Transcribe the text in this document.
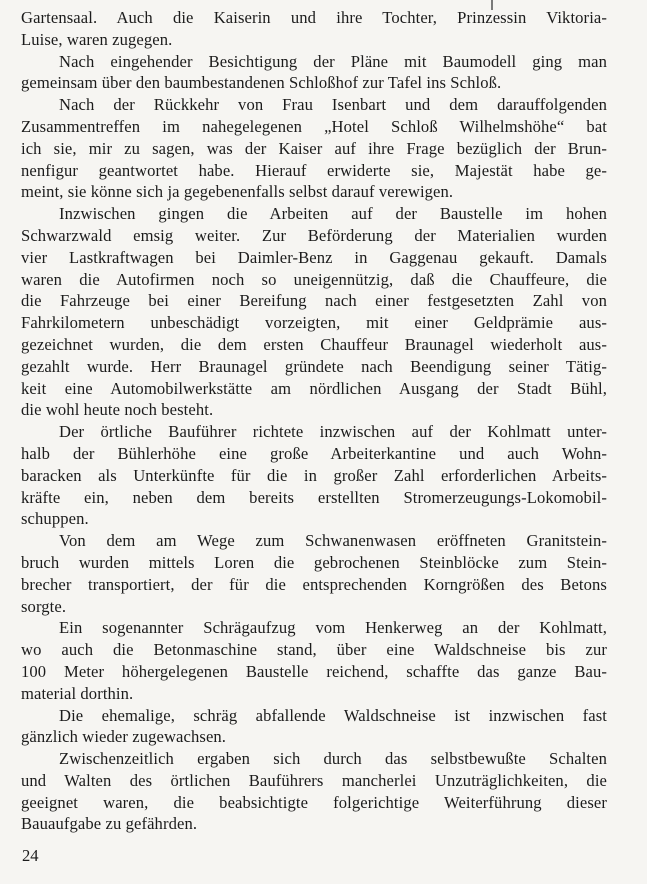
Gartensaal. Auch die Kaiserin und ihre Tochter, Prinzessin Viktoria-
Luise, waren zugegen.
Nach eingehender Besichtigung der Pläne mit Baumodell ging man
gemeinsam über den baumbestandenen Schloßhof zur Tafel ins Schloß.
Nach der Rückkehr von Frau Isenbart und dem darauffolgenden
Zusammentreffen im nahegelegenen „Hotel Schloß Wilhelmshöhe“ bat
ich sie, mir zu sagen, was der Kaiser auf ihre Frage bezüglich der Brun-
nenfigur geantwortet habe. Hierauf erwiderte sie, Majestät habe ge-
meint, sie könne sich ja gegebenenfalls selbst darauf verewigen.
Inzwischen gingen die Arbeiten auf der Baustelle im hohen
Schwarzwald emsig weiter. Zur Beförderung der Materialien wurden
vier Lastkraftwagen bei Daimler-Benz in Gaggenau gekauft. Damals
waren die Autofirmen noch so uneigennützig, daß die Chauffeure, die
die Fahrzeuge bei einer Bereifung nach einer festgesetzten Zahl von
Fahrkilometern unbeschädigt vorzeigten, mit einer Geldprämie aus-
gezeichnet wurden, die dem ersten Chauffeur Braunagel wiederholt aus-
gezahlt wurde. Herr Braunagel gründete nach Beendigung seiner Tätig-
keit eine Automobilwerkstätte am nördlichen Ausgang der Stadt Bühl,
die wohl heute noch besteht.
Der örtliche Bauführer richtete inzwischen auf der Kohlmatt unter-
halb der Bühlerhöhe eine große Arbeiterkantine und auch Wohn-
baracken als Unterkünfte für die in großer Zahl erforderlichen Arbeits-
kräfte ein, neben dem bereits erstellten Stromerzeugungs-Lokomobil-
schuppen.
Von dem am Wege zum Schwanenwasen eröffneten Granitstein-
bruch wurden mittels Loren die gebrochenen Steinblöcke zum Stein-
brecher transportiert, der für die entsprechenden Korngrößen des Betons
sorgte.
Ein sogenannter Schrägaufzug vom Henkerweg an der Kohlmatt,
wo auch die Betonmaschine stand, über eine Waldschneise bis zur
100 Meter höhergelegenen Baustelle reichend, schaffte das ganze Bau-
material dorthin.
Die ehemalige, schräg abfallende Waldschneise ist inzwischen fast
gänzlich wieder zugewachsen.
Zwischenzeitlich ergaben sich durch das selbstbewußte Schalten
und Walten des örtlichen Bauführers mancherlei Unzuträglichkeiten, die
geeignet waren, die beabsichtigte folgerichtige Weiterführung dieser
Bauaufgabe zu gefährden.
24
